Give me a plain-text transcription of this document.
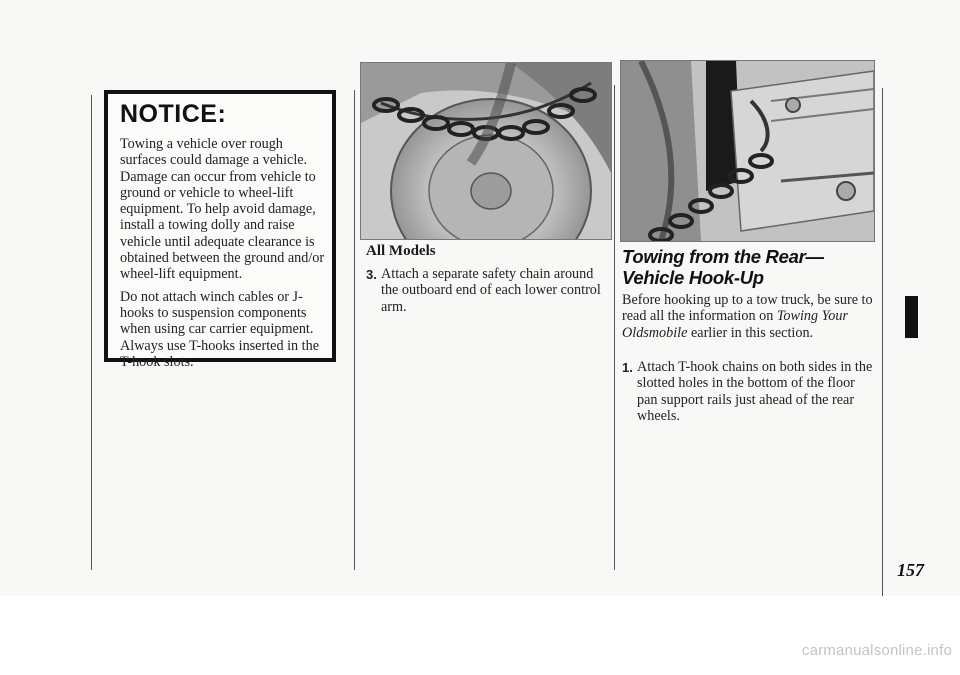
NOTICE:

Towing a vehicle over rough surfaces could damage a vehicle. Damage can occur from vehicle to ground or vehicle to wheel-lift equipment. To help avoid damage, install a towing dolly and raise vehicle until adequate clearance is obtained between the ground and/or wheel-lift equipment.

Do not attach winch cables or J-hooks to suspension components when using car carrier equipment. Always use T-hooks inserted in the T-hook slots.

All Models
3. Attach a separate safety chain around the outboard end of each lower control arm.
Towing from the Rear—Vehicle Hook-Up
Before hooking up to a tow truck, be sure to read all the information on Towing Your Oldsmobile earlier in this section.
1. Attach T-hook chains on both sides in the slotted holes in the bottom of the floor pan support rails just ahead of the rear wheels.
157
carmanualsonline.info
